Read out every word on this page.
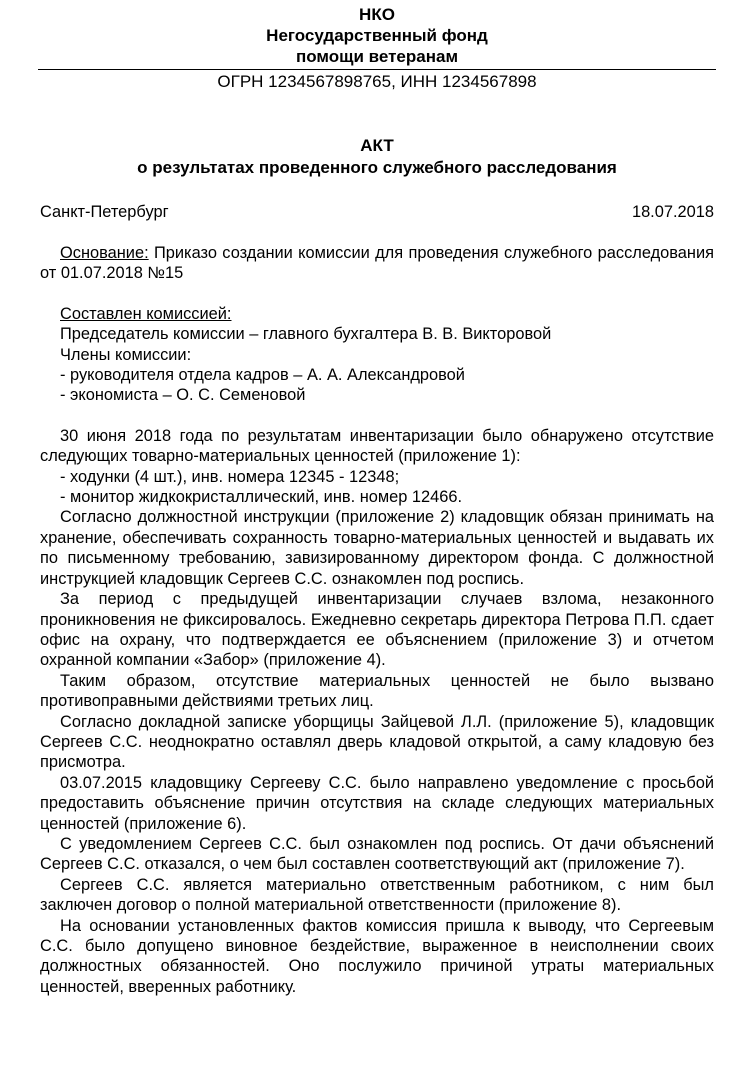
НКО
Негосударственный фонд
помощи ветеранам
ОГРН 1234567898765, ИНН 1234567898
АКТ
о результатах проведенного служебного расследования
Санкт-Петербург	18.07.2018

Основание: Приказо создании комиссии для проведения служебного расследования от 01.07.2018 №15

Составлен комиссией:

Председатель комиссии – главного бухгалтера В. В. Викторовой

Члены комиссии:

- руководителя отдела кадров – А. А. Александровой

- экономиста – О. С. Семеновой

30 июня 2018 года по результатам инвентаризации было обнаружено отсутствие следующих товарно-материальных ценностей (приложение 1):

- ходунки (4 шт.), инв. номера 12345 - 12348;

- монитор жидкокристаллический, инв. номер 12466.

Согласно должностной инструкции (приложение 2) кладовщик обязан принимать на хранение, обеспечивать сохранность товарно-материальных ценностей и выдавать их по письменному требованию, завизированному директором фонда. С должностной инструкцией кладовщик Сергеев С.С. ознакомлен под роспись.

За период с предыдущей инвентаризации случаев взлома, незаконного проникновения не фиксировалось. Ежедневно секретарь директора Петрова П.П. сдает офис на охрану, что подтверждается ее объяснением (приложение 3) и отчетом охранной компании «Забор» (приложение 4).

Таким образом, отсутствие материальных ценностей не было вызвано противоправными действиями третьих лиц.

Согласно докладной записке уборщицы Зайцевой Л.Л. (приложение 5), кладовщик Сергеев С.С. неоднократно оставлял дверь кладовой открытой, а саму кладовую без присмотра.

03.07.2015 кладовщику Сергееву С.С. было направлено уведомление с просьбой предоставить объяснение причин отсутствия на складе следующих материальных ценностей (приложение 6).

С уведомлением Сергеев С.С. был ознакомлен под роспись. От дачи объяснений Сергеев С.С. отказался, о чем был составлен соответствующий акт (приложение 7).

Сергеев С.С. является материально ответственным работником, с ним был заключен договор о полной материальной ответственности (приложение 8).

На основании установленных фактов комиссия пришла к выводу, что Сергеевым С.С. было допущено виновное бездействие, выраженное в неисполнении своих должностных обязанностей. Оно послужило причиной утраты материальных ценностей, вверенных работнику.
